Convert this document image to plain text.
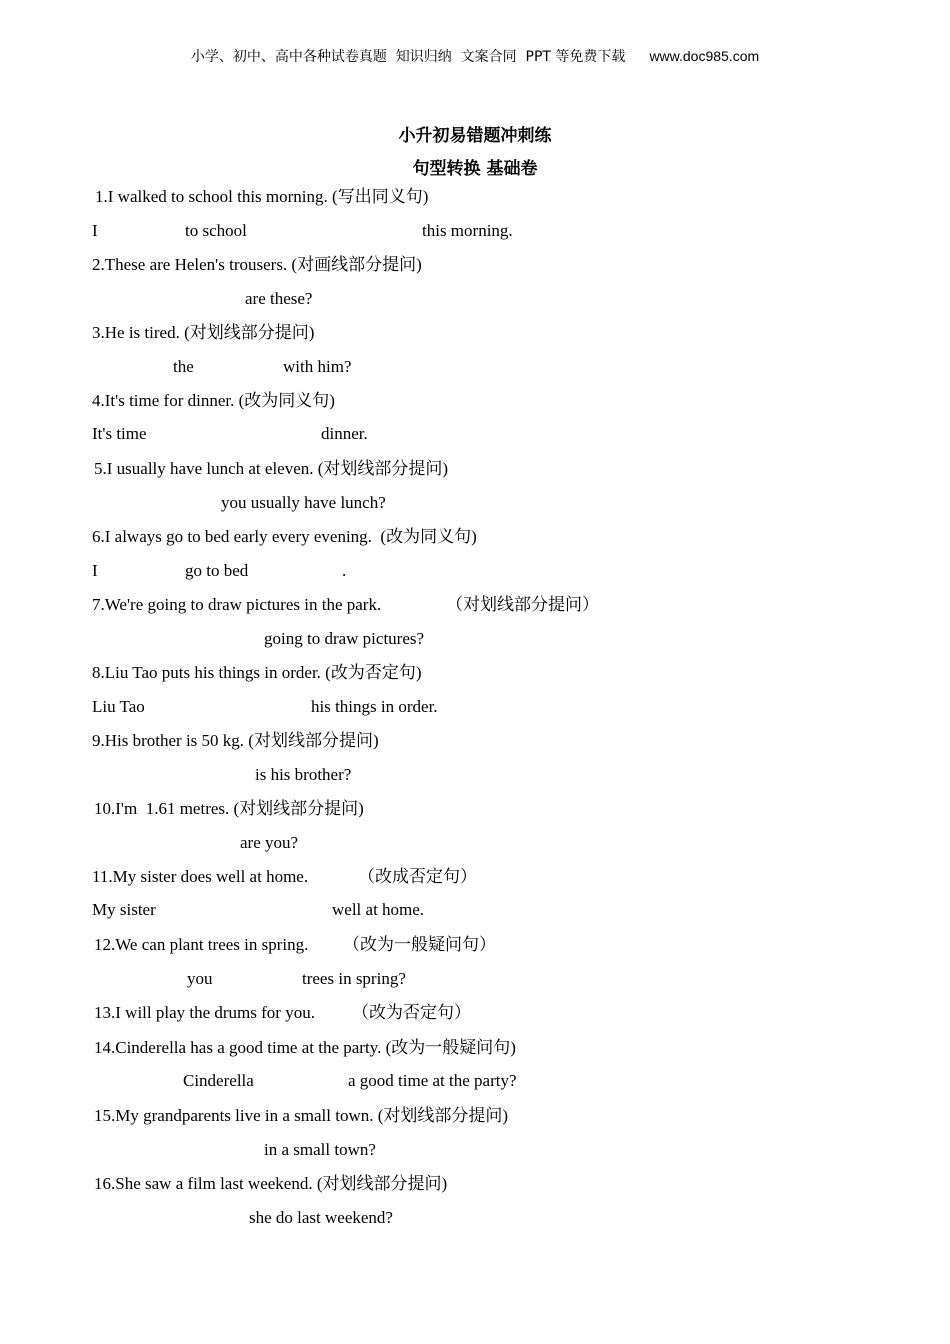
小学、初中、高中各种试卷真题  知识归纳  文案合同  PPT 等免费下载 www.doc985.com
小升初易错题冲刺练
句型转换 基础卷
1.I walked to school this morning. (写出同义句)

I

	to school

	this morning.

2.These are Helen's trousers. (对画线部分提问)

are these?

3.He is tired. (对划线部分提问)

the

	with him?

4.It's time for dinner. (改为同义句)

It's time

	dinner.

5.I usually have lunch at eleven. (对划线部分提问)

you usually have lunch?

6.I always go to bed early every evening.  (改为同义句)

I

	go to bed

	.

7.We're going to draw pictures in the park.

	（对划线部分提问）

going to draw pictures?

8.Liu Tao puts his things in order. (改为否定句)

Liu Tao

	his things in order.

9.His brother is 50 kg. (对划线部分提问)

is his brother?

10.I'm  1.61 metres. (对划线部分提问)

are you?

11.My sister does well at home.

	（改成否定句）

My sister

	well at home.

12.We can plant trees in spring.

（改为一般疑问句）

you

	trees in spring?

13.I will play the drums for you.

（改为否定句）

14.Cinderella has a good time at the party. (改为一般疑问句)

Cinderella

	a good time at the party?

15.My grandparents live in a small town. (对划线部分提问)

in a small town?

16.She saw a film last weekend. (对划线部分提问)

she do last weekend?
